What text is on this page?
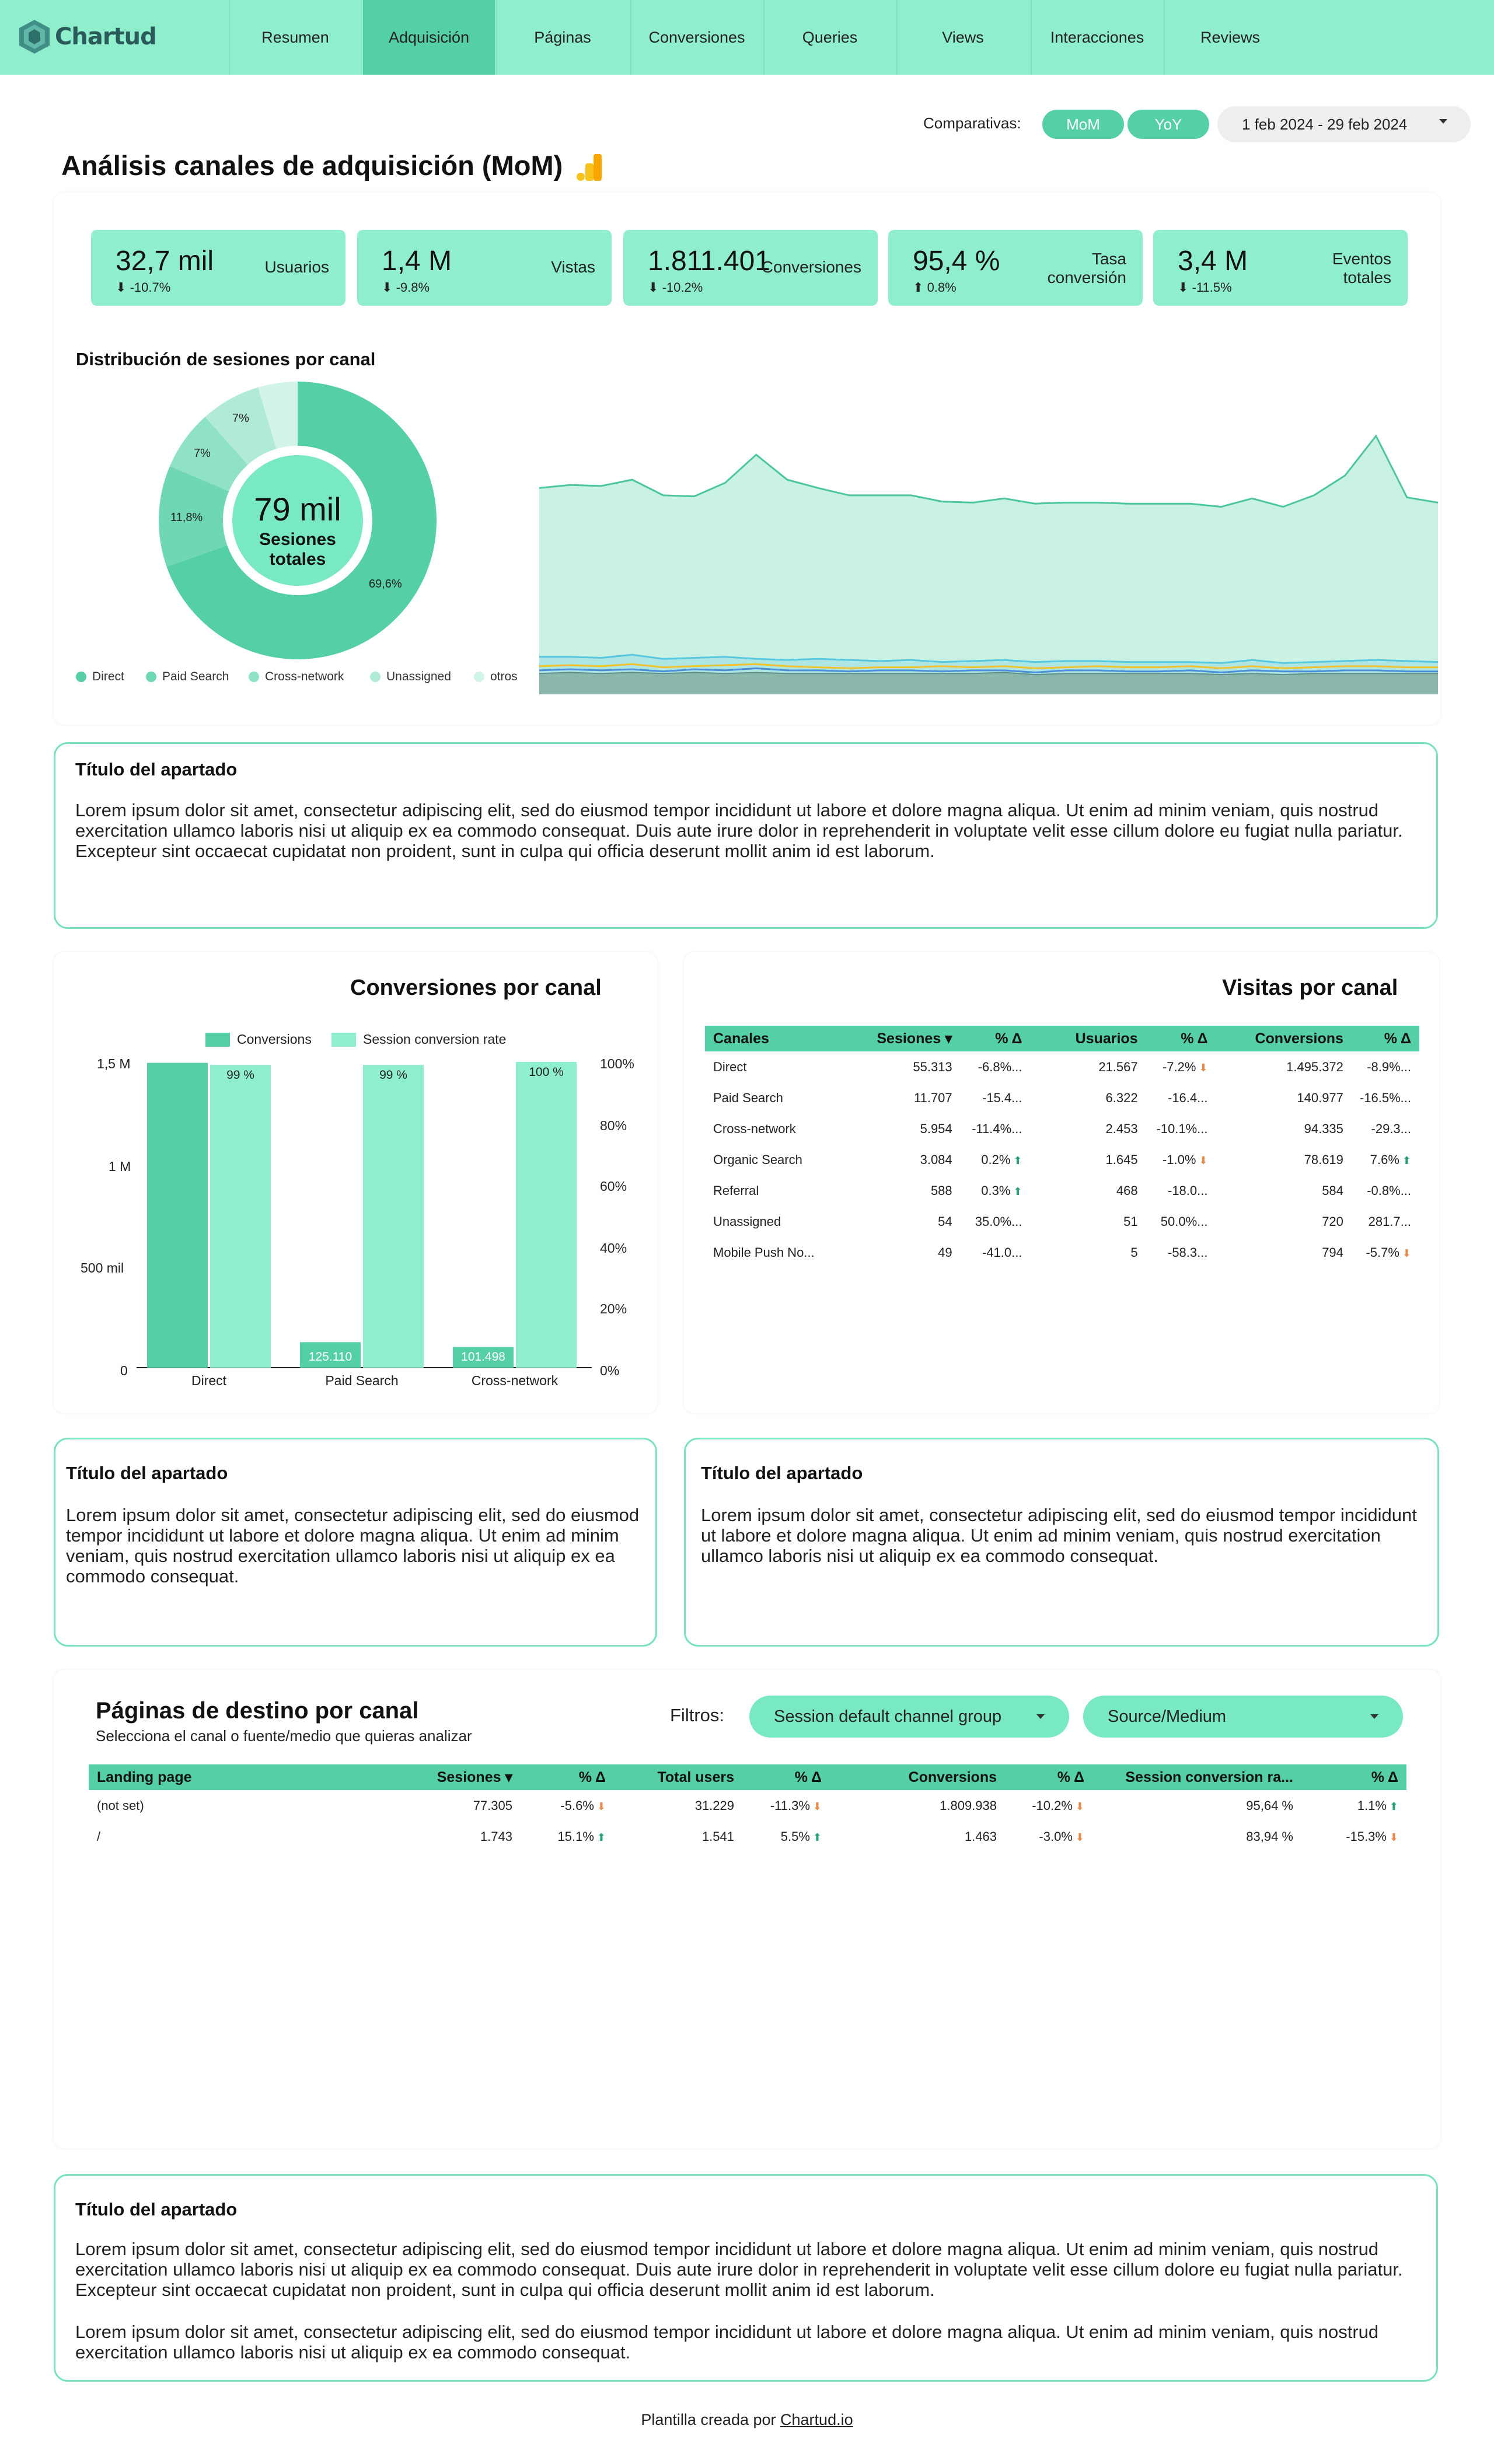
Chartud	Resumen	Adquisición	Páginas	Conversiones	Queries	Views	Interacciones	Reviews
Comparativas:	MoM	YoY	1 feb 2024 - 29 feb 2024
Análisis canales de adquisición (MoM)
32,7 mil
⬇ -10.7%
Usuarios 1,4 M
⬇ -9.8%
Vistas 1.811.401
⬇ -10.2%
Conversiones 95,4 %
⬆ 0.8%
Tasa conversión
3,4 M
⬇ -11.5%
Eventos totales
Distribución de sesiones por canal
79 mil
Sesiones totales
69,6%
11,8%
7%
7%
Direct	Paid Search	Cross-network	Unassigned	otros
Título del apartado
Lorem ipsum dolor sit amet, consectetur adipiscing elit, sed do eiusmod tempor incididunt ut labore et dolore magna aliqua. Ut enim ad minim veniam, quis nostrud exercitation ullamco laboris nisi ut aliquip ex ea commodo consequat. Duis aute irure dolor in reprehenderit in voluptate velit esse cillum dolore eu fugiat nulla pariatur. Excepteur sint occaecat cupidatat non proident, sunt in culpa qui officia deserunt mollit anim id est laborum.
Conversiones por canal
Conversions	Session conversion rate
1,5 M
1 M
500 mil
0
100%
80%
60%
40%
20%
0%
99 %
Direct
99 %
125.110
Paid Search
100 %
101.498
Cross-network
Visitas por canal
Canales	Sesiones ▾	% Δ	Usuarios	% Δ	Conversions	% Δ
Direct	55.313	-6.8%...	21.567	-7.2% ⬇	1.495.372	-8.9%...
Paid Search	11.707	-15.4...	6.322	-16.4...	140.977	-16.5%...
Cross-network	5.954	-11.4%...	2.453	-10.1%...	94.335	-29.3...
Organic Search	3.084	0.2% ⬆	1.645	-1.0% ⬇	78.619	7.6% ⬆
Referral	588	0.3% ⬆	468	-18.0...	584	-0.8%...
Unassigned	54	35.0%...	51	50.0%...	720	281.7...
Mobile Push No...	49	-41.0...	5	-58.3...	794	-5.7% ⬇
Título del apartado
Lorem ipsum dolor sit amet, consectetur adipiscing elit, sed do eiusmod tempor incididunt ut labore et dolore magna aliqua. Ut enim ad minim veniam, quis nostrud exercitation ullamco laboris nisi ut aliquip ex ea commodo consequat.
Título del apartado
Lorem ipsum dolor sit amet, consectetur adipiscing elit, sed do eiusmod tempor incididunt ut labore et dolore magna aliqua. Ut enim ad minim veniam, quis nostrud exercitation ullamco laboris nisi ut aliquip ex ea commodo consequat.
Páginas de destino por canal
Selecciona el canal o fuente/medio que quieras analizar
Filtros:	Session default channel group	Source/Medium
Landing page	Sesiones ▾	% Δ	Total users	% Δ	Conversions	% Δ	Session conversion ra...	% Δ
(not set)	77.305	-5.6% ⬇	31.229	-11.3% ⬇	1.809.938	-10.2% ⬇	95,64 %	1.1% ⬆
/	1.743	15.1% ⬆	1.541	5.5% ⬆	1.463	-3.0% ⬇	83,94 %	-15.3% ⬇
Título del apartado
Lorem ipsum dolor sit amet, consectetur adipiscing elit, sed do eiusmod tempor incididunt ut labore et dolore magna aliqua. Ut enim ad minim veniam, quis nostrud exercitation ullamco laboris nisi ut aliquip ex ea commodo consequat. Duis aute irure dolor in reprehenderit in voluptate velit esse cillum dolore eu fugiat nulla pariatur. Excepteur sint occaecat cupidatat non proident, sunt in culpa qui officia deserunt mollit anim id est laborum.
Lorem ipsum dolor sit amet, consectetur adipiscing elit, sed do eiusmod tempor incididunt ut labore et dolore magna aliqua. Ut enim ad minim veniam, quis nostrud exercitation ullamco laboris nisi ut aliquip ex ea commodo consequat.
Plantilla creada por Chartud.io
